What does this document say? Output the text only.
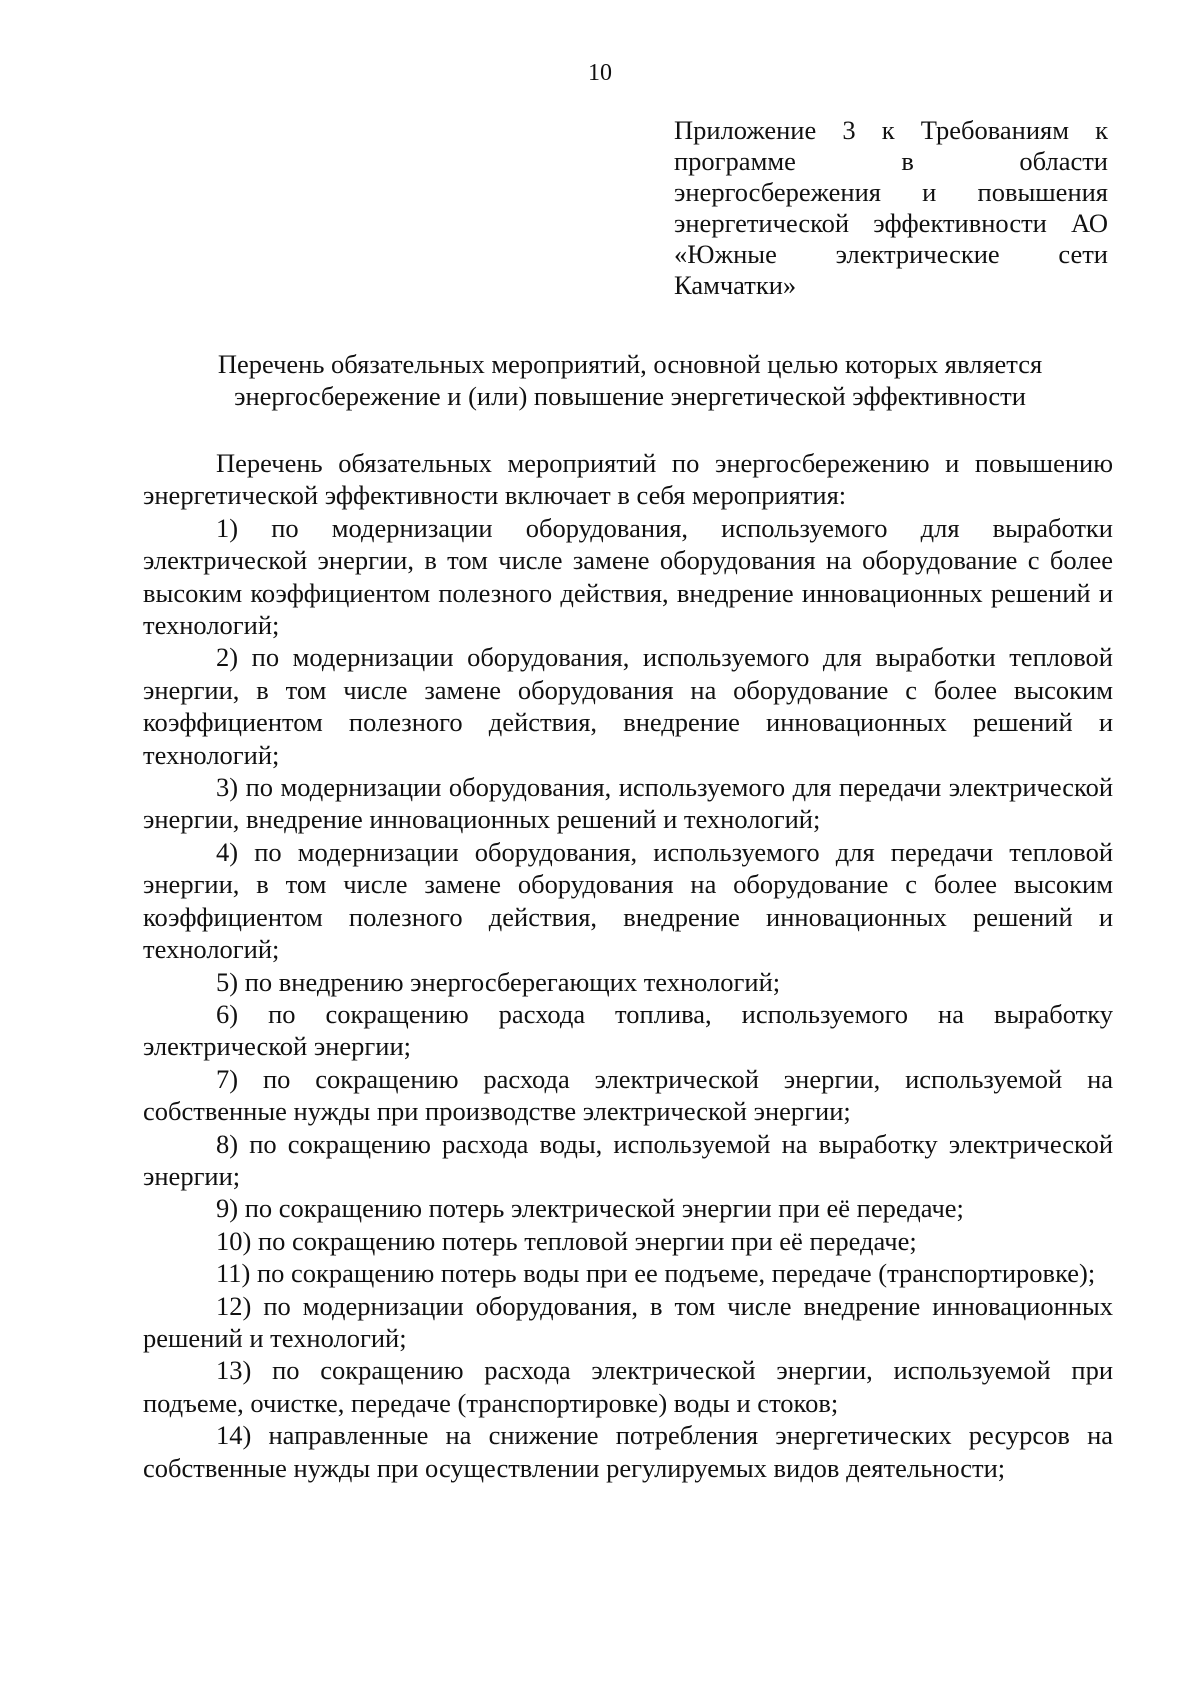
10
Приложение 3 к Требованиям к программе в области энергосбережения и повышения энергетической эффективности АО «Южные электрические сети Камчатки»
Перечень обязательных мероприятий, основной целью которых является
энергосбережение и (или) повышение энергетической эффективности

Перечень обязательных мероприятий по энергосбережению и повышению энергетической эффективности включает в себя мероприятия:

1) по модернизации оборудования, используемого для выработки электрической энергии, в том числе замене оборудования на оборудование с более высоким коэффициентом полезного действия, внедрение инновационных решений и технологий;

2) по модернизации оборудования, используемого для выработки тепловой энергии, в том числе замене оборудования на оборудование с более высоким коэффициентом полезного действия, внедрение инновационных решений и технологий;

3) по модернизации оборудования, используемого для передачи электрической энергии, внедрение инновационных решений и технологий;

4) по модернизации оборудования, используемого для передачи тепловой энергии, в том числе замене оборудования на оборудование с более высоким коэффициентом полезного действия, внедрение инновационных решений и технологий;

5) по внедрению энергосберегающих технологий;

6) по сокращению расхода топлива, используемого на выработку электрической энергии;

7) по сокращению расхода электрической энергии, используемой на собственные нужды при производстве электрической энергии;

8) по сокращению расхода воды, используемой на выработку электрической энергии;

9) по сокращению потерь электрической энергии при её передаче;

10) по сокращению потерь тепловой энергии при её передаче;

11) по сокращению потерь воды при ее подъеме, передаче (транспортировке);

12) по модернизации оборудования, в том числе внедрение инновационных решений и технологий;

13) по сокращению расхода электрической энергии, используемой при подъеме, очистке, передаче (транспортировке) воды и стоков;

14) направленные на снижение потребления энергетических ресурсов на собственные нужды при осуществлении регулируемых видов деятельности;
